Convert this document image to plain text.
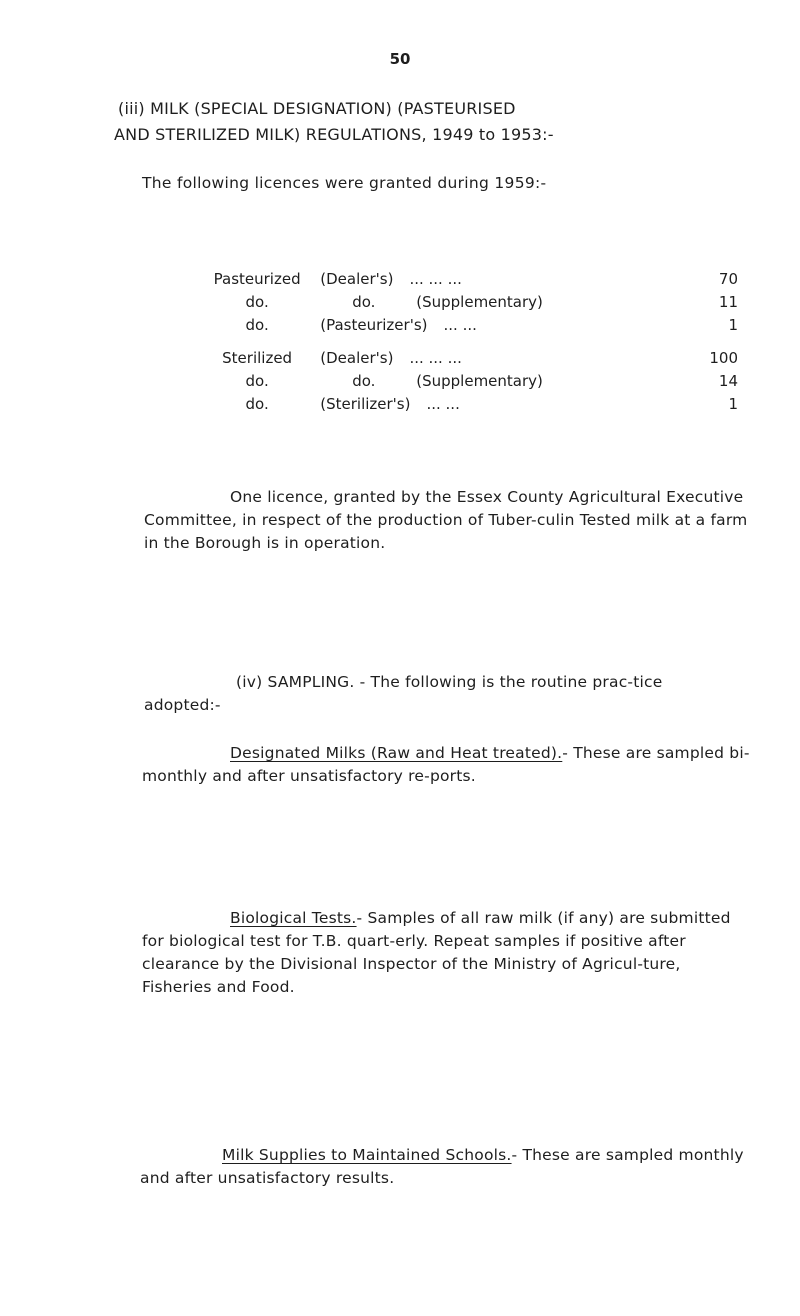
50
(iii) MILK (SPECIAL DESIGNATION) (PASTEURISED
AND STERILIZED MILK) REGULATIONS, 1949 to 1953:-
The following licences were granted during 1959:-
Pasteurized	(Dealer's) ... ... ...	70
do.	do. (Supplementary)	11
do.	(Pasteurizer's) ... ...	1
Sterilized	(Dealer's) ... ... ...	100
do.	do. (Supplementary)	14
do.	(Sterilizer's) ... ...	1
One licence, granted by the Essex County Agricultural Executive Committee, in respect of the production of Tuber-culin Tested milk at a farm in the Borough is in operation.
(iv) SAMPLING. - The following is the routine prac-tice adopted:-
Designated Milks (Raw and Heat treated).- These are sampled bi-monthly and after unsatisfactory re-ports.
Biological Tests.- Samples of all raw milk (if any) are submitted for biological test for T.B. quart-erly. Repeat samples if positive after clearance by the Divisional Inspector of the Ministry of Agricul-ture, Fisheries and Food.
Milk Supplies to Maintained Schools.- These are sampled monthly and after unsatisfactory results.
